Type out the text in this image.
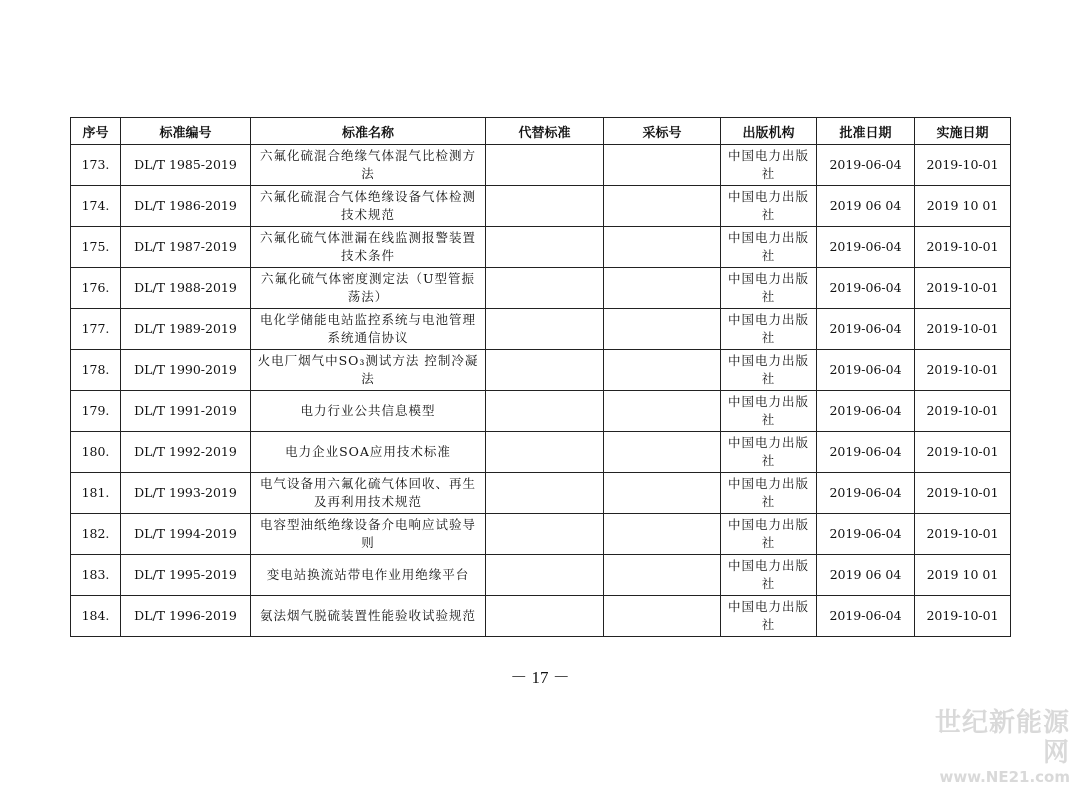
序号	标准编号	标准名称	代替标准	采标号	出版机构	批准日期	实施日期
173.	DL/T 1985-2019	六氟化硫混合绝缘气体混气比检测方法			中国电力出版社	2019-06-04	2019-10-01
174.	DL/T 1986-2019	六氟化硫混合气体绝缘设备气体检测技术规范			中国电力出版社	2019 06 04	2019 10 01
175.	DL/T 1987-2019	六氟化硫气体泄漏在线监测报警装置技术条件			中国电力出版社	2019-06-04	2019-10-01
176.	DL/T 1988-2019	六氟化硫气体密度测定法（U型管振荡法）			中国电力出版社	2019-06-04	2019-10-01
177.	DL/T 1989-2019	电化学储能电站监控系统与电池管理系统通信协议			中国电力出版社	2019-06-04	2019-10-01
178.	DL/T 1990-2019	火电厂烟气中SO₃测试方法 控制冷凝法			中国电力出版社	2019-06-04	2019-10-01
179.	DL/T 1991-2019	电力行业公共信息模型			中国电力出版社	2019-06-04	2019-10-01
180.	DL/T 1992-2019	电力企业SOA应用技术标准			中国电力出版社	2019-06-04	2019-10-01
181.	DL/T 1993-2019	电气设备用六氟化硫气体回收、再生及再利用技术规范			中国电力出版社	2019-06-04	2019-10-01
182.	DL/T 1994-2019	电容型油纸绝缘设备介电响应试验导则			中国电力出版社	2019-06-04	2019-10-01
183.	DL/T 1995-2019	变电站换流站带电作业用绝缘平台			中国电力出版社	2019 06 04	2019 10 01
184.	DL/T 1996-2019	氨法烟气脱硫装置性能验收试验规范			中国电力出版社	2019-06-04	2019-10-01
－ 17 －
世纪新能源网
www.NE21.com
